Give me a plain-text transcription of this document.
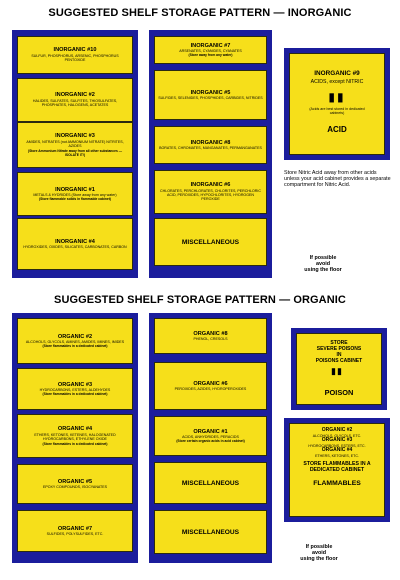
SUGGESTED SHELF STORAGE PATTERN — INORGANIC
INORGANIC #10
SULFUR, PHOSPHORUS, ARSENIC, PHOSPHORUS PENTOXIDE
INORGANIC #2
HALIDES, SULFATES, SULFITES, THIOSULFATES, PHOSPHATES, HALOGENS, ACETATES
INORGANIC #3
AMIDES, NITRATES (not AMMONIUM NITRATE) NITRITES, AZIDES
(Store Ammonium Nitrate away from all other substances — ISOLATE IT!)
INORGANIC #1
METALS & HYDRIDES (Store away from any water)
(Store flammable solids in flammable cabinet)
INORGANIC #4
HYDROXIDES, OXIDES, SILICATES, CARBONATES, CARBON
INORGANIC #7
ARSENATES, CYANIDES, CYANATES
(Store away from any water)
INORGANIC #5
SULFIDES, SELENIDES, PHOSPHIDES, CARBIDES, NITRIDES
INORGANIC #8
BORATES, CHROMATES, MANGANATES, PERMANGANATES
INORGANIC #6
CHLORATES, PERCHLORATES, CHLORITES, PERCHLORIC ACID, PEROXIDES, HYPOCHLORITES, HYDROGEN PEROXIDE
MISCELLANEOUS
INORGANIC #9
ACIDS, except NITRIC
▮▮
(Acids are best stored in dedicated cabinets)
ACID
Store Nitric Acid away from other acids unless your acid cabinet provides a separate compartment for Nitric Acid.
If possible
avoid
using the floor
SUGGESTED SHELF STORAGE PATTERN — ORGANIC
ORGANIC #2
ALCOHOLS, GLYCOLS, AMINES, AMIDES, IMINES, IMIDES
(Store flammables in a dedicated cabinet)
ORGANIC #3
HYDROCARBONS, ESTERS, ALDEHYDES
(Store flammables in a dedicated cabinet)
ORGANIC #4
ETHERS, KETONES, KETENES, HALOGENATED HYDROCARBONS, ETHYLENE OXIDE
(Store flammables in a dedicated cabinet)
ORGANIC #5
EPOXY COMPOUNDS, ISOCYANATES
ORGANIC #7
SULFIDES, POLYSULFIDES, ETC.
ORGANIC #8
PHENOL, CRESOLS
ORGANIC #6
PEROXIDES, AZIDES, HYDROPEROXIDES
ORGANIC #1
ACIDS, ANHYDRIDES, PERACIDS
(Store certain organic acids in acid cabinet)
MISCELLANEOUS
MISCELLANEOUS
STORE
SEVERE POISONS
IN
POISONS CABINET
▮▮
POISON
ORGANIC #2
ALCOHOLS, GLYCOLS, ETC.
ORGANIC #3
HYDROCARBONS, ESTERS, ETC.
ORGANIC #4
ETHERS, KETONES, ETC.
STORE FLAMMABLES IN A DEDICATED CABINET
FLAMMABLES
If possible
avoid
using the floor
